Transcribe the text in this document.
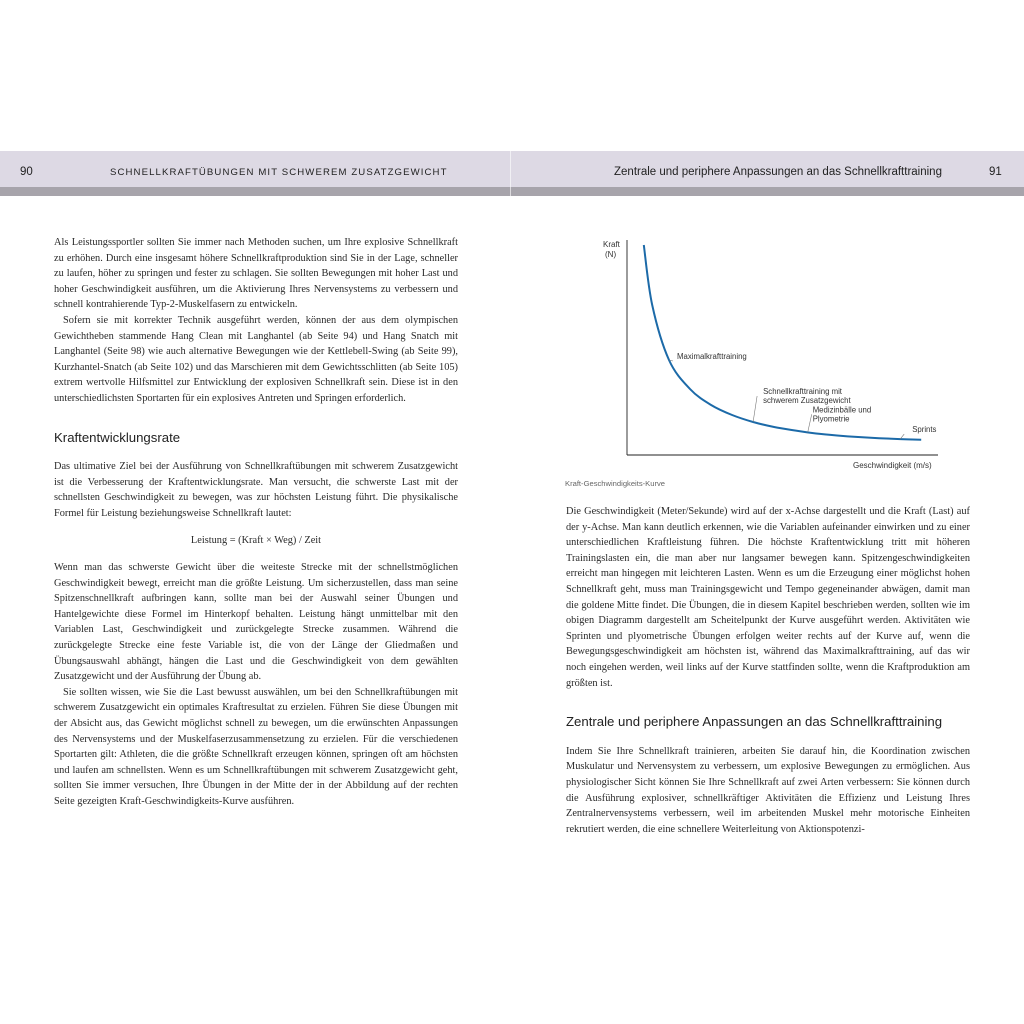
90	SCHNELLKRAFTÜBUNGEN MIT SCHWEREM ZUSATZGEWICHT	Zentrale und periphere Anpassungen an das Schnellkrafttraining	91

Als Leistungssportler sollten Sie immer nach Methoden suchen, um Ihre explosive Schnellkraft zu erhöhen. Durch eine insgesamt höhere Schnellkraftproduktion sind Sie in der Lage, schneller zu laufen, höher zu springen und fester zu schlagen. Sie sollten Bewegungen mit hoher Last und hoher Geschwindigkeit ausführen, um die Aktivierung Ihres Nervensystems zu verbessern und schnell kontrahierende Typ-2-Muskelfasern zu entwickeln.

Sofern sie mit korrekter Technik ausgeführt werden, können der aus dem olympischen Gewichtheben stammende Hang Clean mit Langhantel (ab Seite 94) und Hang Snatch mit Langhantel (Seite 98) wie auch alternative Bewegungen wie der Kettlebell-Swing (ab Seite 99), Kurzhantel-Snatch (ab Seite 102) und das Marschieren mit dem Gewichtsschlitten (ab Seite 105) extrem wertvolle Hilfsmittel zur Entwicklung der explosiven Schnellkraft sein. Diese ist in den unterschiedlichsten Sportarten für ein explosives Antreten und Springen erforderlich.

Kraftentwicklungsrate

Das ultimative Ziel bei der Ausführung von Schnellkraftübungen mit schwerem Zusatzgewicht ist die Verbesserung der Kraftentwicklungsrate. Man versucht, die schwerste Last mit der schnellsten Geschwindigkeit zu bewegen, was zur höchsten Leistung führt. Die physikalische Formel für Leistung beziehungsweise Schnellkraft lautet:

Leistung = (Kraft × Weg) / Zeit

Wenn man das schwerste Gewicht über die weiteste Strecke mit der schnellstmöglichen Geschwindigkeit bewegt, erreicht man die größte Leistung. Um sicherzustellen, dass man seine Spitzenschnellkraft aufbringen kann, sollte man bei der Auswahl seiner Übungen und Hantelgewichte diese Formel im Hinterkopf behalten. Leistung hängt unmittelbar mit den Variablen Last, Geschwindigkeit und zurückgelegte Strecke zusammen. Während die zurückgelegte Strecke eine feste Variable ist, die von der Länge der Gliedmaßen und Übungsauswahl abhängt, hängen die Last und die Geschwindigkeit von dem gewählten Zusatzgewicht und der Ausführung der Übung ab.

Sie sollten wissen, wie Sie die Last bewusst auswählen, um bei den Schnellkraftübungen mit schwerem Zusatzgewicht ein optimales Kraftresultat zu erzielen. Führen Sie diese Übungen mit der Absicht aus, das Gewicht möglichst schnell zu bewegen, um die erwünschten Anpassungen des Nervensystems und der Muskelfaserzusammensetzung zu erzielen. Für die verschiedenen Sportarten gilt: Athleten, die die größte Schnellkraft erzeugen können, springen oft am höchsten und laufen am schnellsten. Wenn es um Schnellkraftübungen mit schwerem Zusatzgewicht geht, sollten Sie immer versuchen, Ihre Übungen in der Mitte der in der Abbildung auf der rechten Seite gezeigten Kraft-Geschwindigkeits-Kurve ausführen.

Kraft
(N)
Geschwindigkeit (m/s)
Maximalkrafttraining
Schnellkrafttraining mit
schwerem Zusatzgewicht
Medizinbälle und
Plyometrie
Sprints
Kraft-Geschwindigkeits-Kurve

Die Geschwindigkeit (Meter/Sekunde) wird auf der x-Achse dargestellt und die Kraft (Last) auf der y-Achse. Man kann deutlich erkennen, wie die Variablen aufeinander einwirken und zu einer unterschiedlichen Kraftleistung führen. Die höchste Kraftentwicklung tritt mit höheren Trainingslasten ein, die man aber nur langsamer bewegen kann. Spitzengeschwindigkeiten erreicht man hingegen mit leichteren Lasten. Wenn es um die Erzeugung einer möglichst hohen Schnellkraft geht, muss man Trainingsgewicht und Tempo gegeneinander abwägen, damit man die goldene Mitte findet. Die Übungen, die in diesem Kapitel beschrieben werden, sollten wie im obigen Diagramm dargestellt am Scheitelpunkt der Kurve ausgeführt werden. Aktivitäten wie Sprinten und plyometrische Übungen erfolgen weiter rechts auf der Kurve auf, wenn die Bewegungsgeschwindigkeit am höchsten ist, während das Maximalkrafttraining, auf das wir noch eingehen werden, weil links auf der Kurve stattfinden sollte, wenn die Kraftproduktion am größten ist.

Zentrale und periphere Anpassungen an das Schnellkrafttraining

Indem Sie Ihre Schnellkraft trainieren, arbeiten Sie darauf hin, die Koordination zwischen Muskulatur und Nervensystem zu verbessern, um explosive Bewegungen zu ermöglichen. Aus physiologischer Sicht können Sie Ihre Schnellkraft auf zwei Arten verbessern: Sie können durch die Ausführung explosiver, schnellkräftiger Aktivitäten die Effizienz und Leistung Ihres Zentralnervensystems verbessern, weil im arbeitenden Muskel mehr motorische Einheiten rekrutiert werden, die eine schnellere Weiterleitung von Aktionspotenzi-
